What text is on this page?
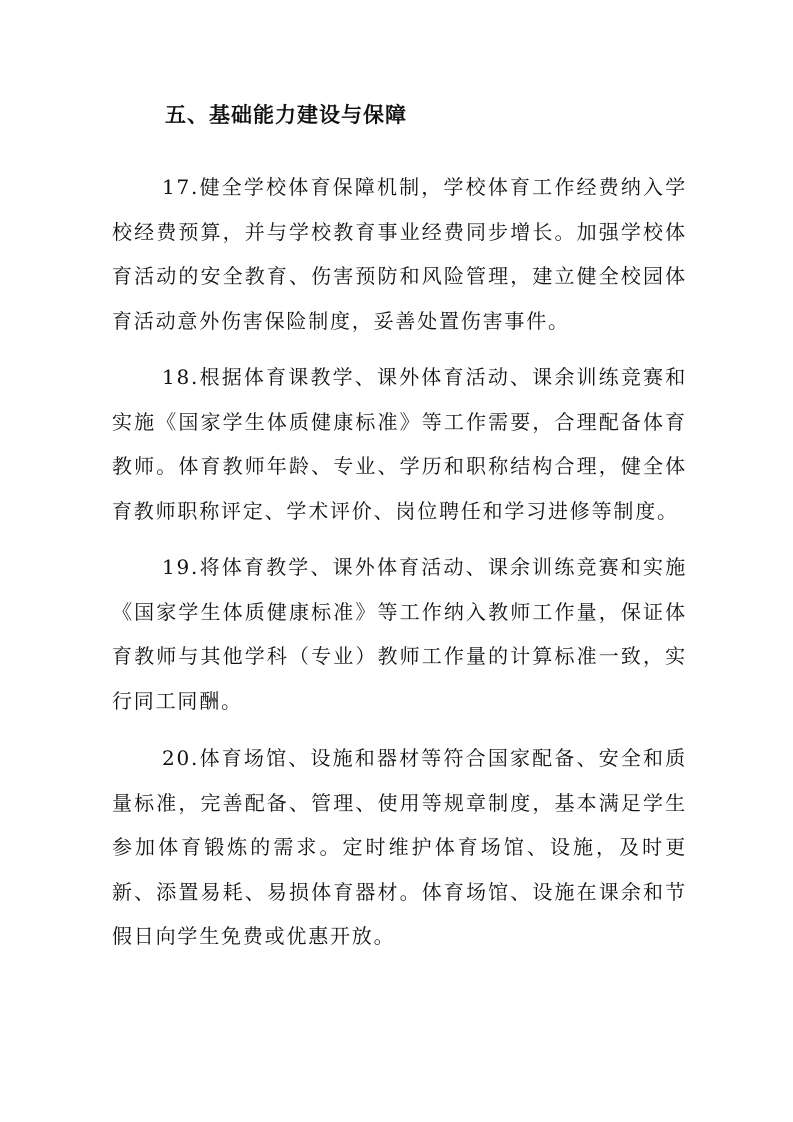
五、基础能力建设与保障

17.健全学校体育保障机制，学校体育工作经费纳入学校经费预算，并与学校教育事业经费同步增长。加强学校体育活动的安全教育、伤害预防和风险管理，建立健全校园体育活动意外伤害保险制度，妥善处置伤害事件。

18.根据体育课教学、课外体育活动、课余训练竞赛和实施《国家学生体质健康标准》等工作需要，合理配备体育教师。体育教师年龄、专业、学历和职称结构合理，健全体育教师职称评定、学术评价、岗位聘任和学习进修等制度。

19.将体育教学、课外体育活动、课余训练竞赛和实施《国家学生体质健康标准》等工作纳入教师工作量，保证体育教师与其他学科（专业）教师工作量的计算标准一致，实行同工同酬。

20.体育场馆、设施和器材等符合国家配备、安全和质量标准，完善配备、管理、使用等规章制度，基本满足学生参加体育锻炼的需求。定时维护体育场馆、设施，及时更新、添置易耗、易损体育器材。体育场馆、设施在课余和节假日向学生免费或优惠开放。
